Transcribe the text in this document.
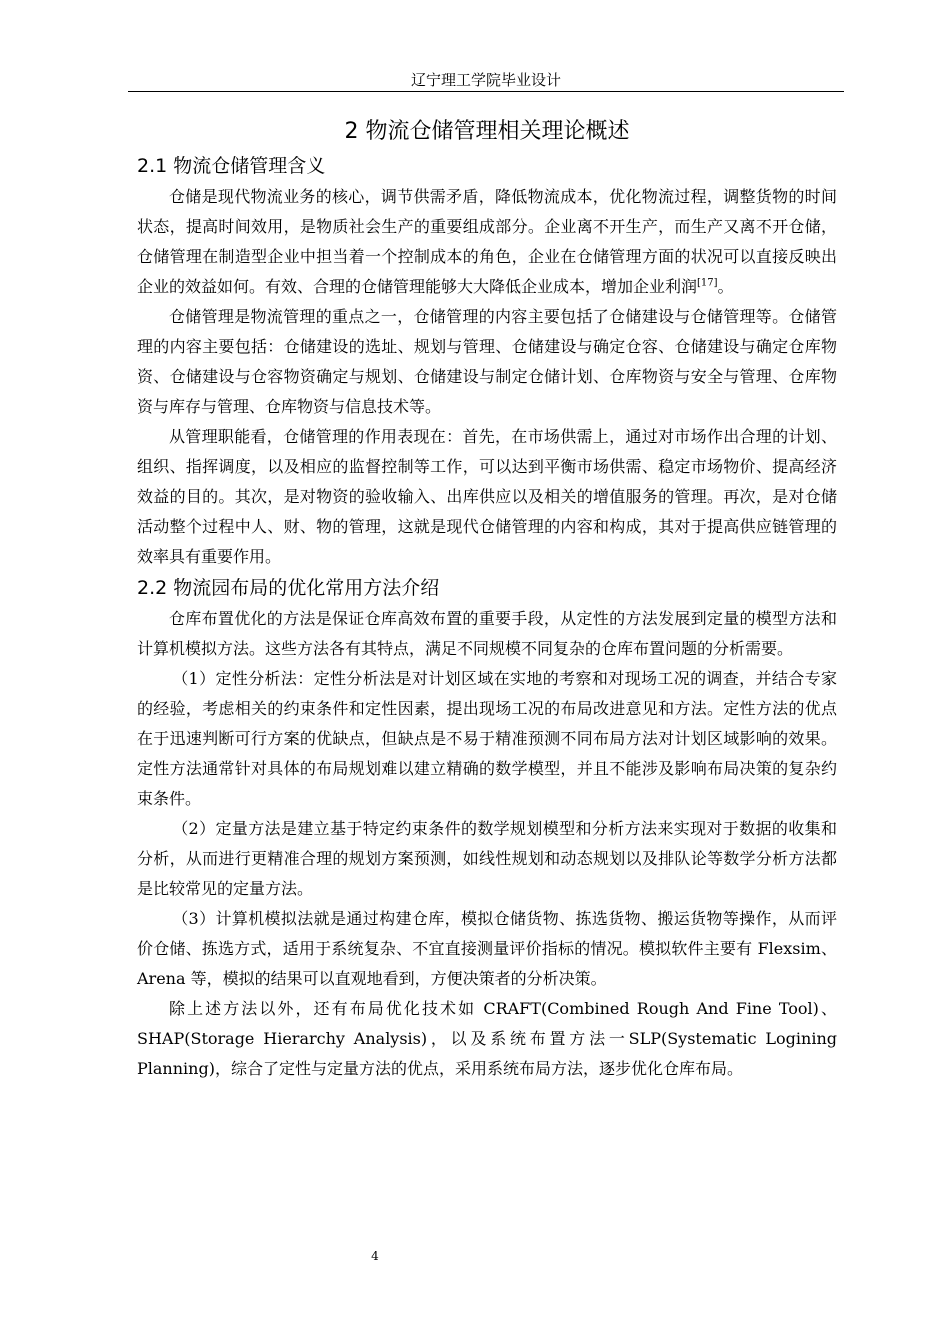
辽宁理工学院毕业设计
2 物流仓储管理相关理论概述
2.1 物流仓储管理含义

仓储是现代物流业务的核心，调节供需矛盾，降低物流成本，优化物流过程，调整货物的时间状态，提高时间效用，是物质社会生产的重要组成部分。企业离不开生产，而生产又离不开仓储，仓储管理在制造型企业中担当着一个控制成本的角色，企业在仓储管理方面的状况可以直接反映出企业的效益如何。有效、合理的仓储管理能够大大降低企业成本，增加企业利润[17]。

仓储管理是物流管理的重点之一，仓储管理的内容主要包括了仓储建设与仓储管理等。仓储管理的内容主要包括：仓储建设的选址、规划与管理、仓储建设与确定仓容、仓储建设与确定仓库物资、仓储建设与仓容物资确定与规划、仓储建设与制定仓储计划、仓库物资与安全与管理、仓库物资与库存与管理、仓库物资与信息技术等。

从管理职能看，仓储管理的作用表现在：首先，在市场供需上，通过对市场作出合理的计划、组织、指挥调度，以及相应的监督控制等工作，可以达到平衡市场供需、稳定市场物价、提高经济效益的目的。其次，是对物资的验收输入、出库供应以及相关的增值服务的管理。再次，是对仓储活动整个过程中人、财、物的管理，这就是现代仓储管理的内容和构成，其对于提高供应链管理的效率具有重要作用。

2.2 物流园布局的优化常用方法介绍

仓库布置优化的方法是保证仓库高效布置的重要手段，从定性的方法发展到定量的模型方法和计算机模拟方法。这些方法各有其特点，满足不同规模不同复杂的仓库布置问题的分析需要。

（1）定性分析法：定性分析法是对计划区域在实地的考察和对现场工况的调查，并结合专家的经验，考虑相关的约束条件和定性因素，提出现场工况的布局改进意见和方法。定性方法的优点在于迅速判断可行方案的优缺点，但缺点是不易于精准预测不同布局方法对计划区域影响的效果。定性方法通常针对具体的布局规划难以建立精确的数学模型，并且不能涉及影响布局决策的复杂约束条件。

（2）定量方法是建立基于特定约束条件的数学规划模型和分析方法来实现对于数据的收集和分析，从而进行更精准合理的规划方案预测，如线性规划和动态规划以及排队论等数学分析方法都是比较常见的定量方法。

（3）计算机模拟法就是通过构建仓库，模拟仓储货物、拣选货物、搬运货物等操作，从而评价仓储、拣选方式，适用于系统复杂、不宜直接测量评价指标的情况。模拟软件主要有 Flexsim、Arena 等，模拟的结果可以直观地看到，方便决策者的分析决策。

除上述方法以外，还有布局优化技术如 CRAFT(Combined Rough And Fine Tool)、SHAP(Storage Hierarchy Analysis)，以及系统布置方法一SLP(Systematic Logining Planning)，综合了定性与定量方法的优点，采用系统布局方法，逐步优化仓库布局。

4
